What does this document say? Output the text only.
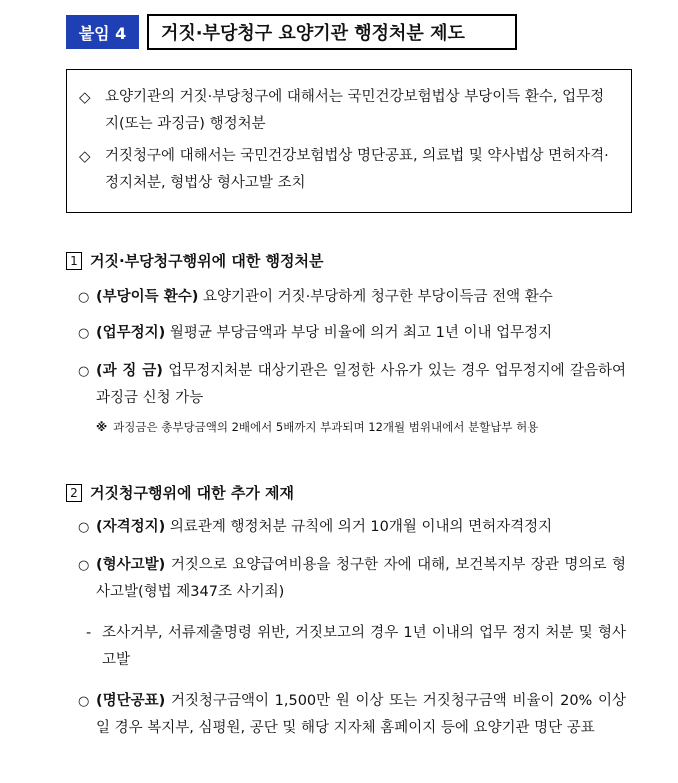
붙임 4	거짓·부당청구 요양기관 행정처분 제도
◇ 요양기관의 거짓·부당청구에 대해서는 국민건강보험법상 부당이득 환수, 업무정지(또는 과징금) 행정처분
◇ 거짓청구에 대해서는 국민건강보험법상 명단공표, 의료법 및 약사법상 면허자격·정지처분, 형법상 형사고발 조치
1 거짓·부당청구행위에 대한 행정처분
○ (부당이득 환수) 요양기관이 거짓·부당하게 청구한 부당이득금 전액 환수
○ (업무정지) 월평균 부당금액과 부당 비율에 의거 최고 1년 이내 업무정지
○ (과 징 금) 업무정지처분 대상기관은 일정한 사유가 있는 경우 업무정지에 갈음하여 과징금 신청 가능
※ 과징금은 총부당금액의 2배에서 5배까지 부과되며 12개월 범위내에서 분할납부 허용
2 거짓청구행위에 대한 추가 제재
○ (자격정지) 의료관계 행정처분 규칙에 의거 10개월 이내의 면허자격정지
○ (형사고발) 거짓으로 요양급여비용을 청구한 자에 대해, 보건복지부 장관 명의로 형사고발(형법 제347조 사기죄)
- 조사거부, 서류제출명령 위반, 거짓보고의 경우 1년 이내의 업무 정지 처분 및 형사고발
○ (명단공표) 거짓청구금액이 1,500만 원 이상 또는 거짓청구금액 비율이 20% 이상일 경우 복지부, 심평원, 공단 및 해당 지자체 홈페이지 등에 요양기관 명단 공표
